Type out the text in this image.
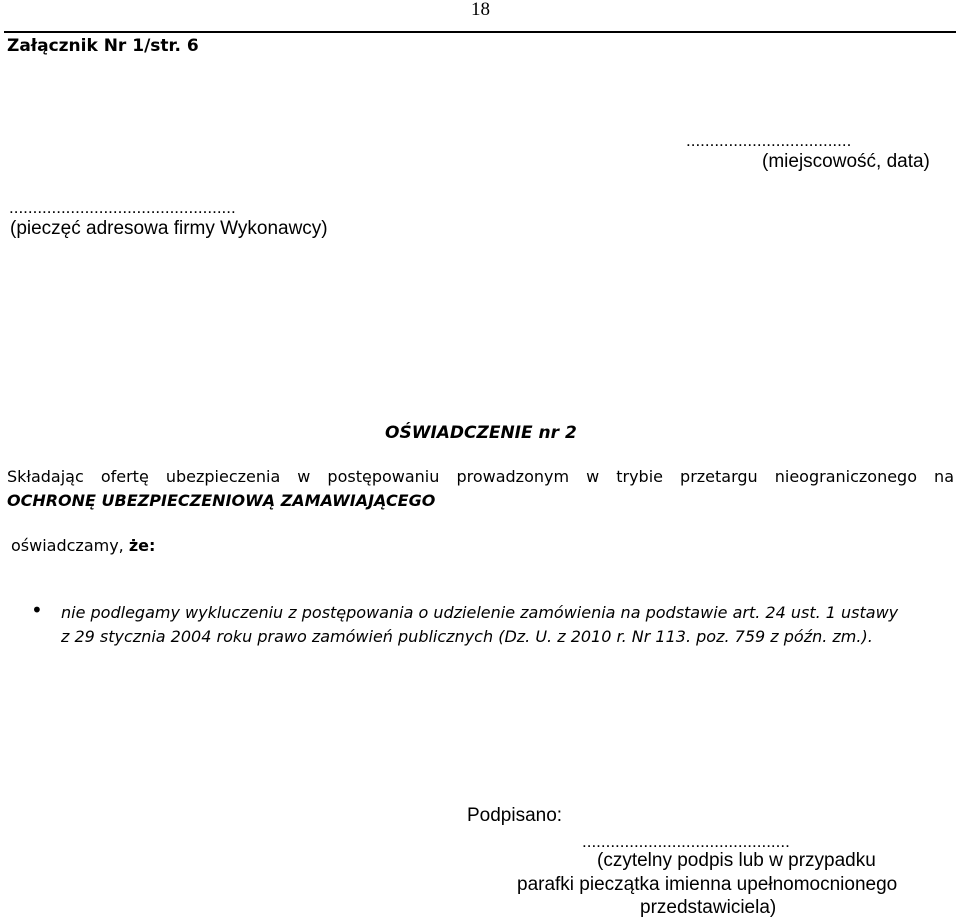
18
Załącznik Nr 1/str. 6
...................................
(miejscowość, data)
................................................
(pieczęć adresowa firmy Wykonawcy)
OŚWIADCZENIE nr 2
Składając ofertę ubezpieczenia w postępowaniu prowadzonym w trybie przetargu nieograniczonego na
OCHRONĘ UBEZPIECZENIOWĄ ZAMAWIAJĄCEGO
oświadczamy, że:
• nie podlegamy wykluczeniu z postępowania o udzielenie zamówienia na podstawie art. 24 ust. 1 ustawy
z 29 stycznia 2004 roku prawo zamówień publicznych (Dz. U. z 2010 r. Nr 113. poz. 759 z późn. zm.).
Podpisano:
............................................
(czytelny podpis lub w przypadku
parafki pieczątka imienna upełnomocnionego
przedstawiciela)
